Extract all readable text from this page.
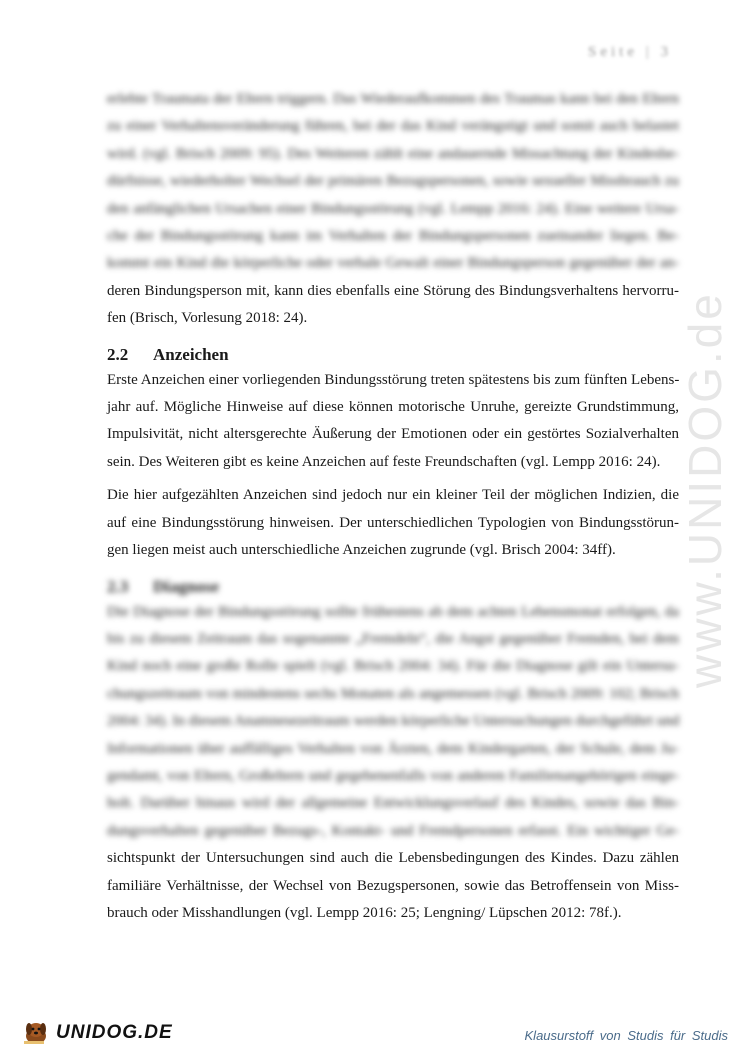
Seite | 3
www.UNIDOG.de
erlebte Traumata der Eltern triggern. Das Wiederaufkommen des Traumas kann bei den Eltern
zu einer Verhaltensveränderung führen, bei der das Kind verängstigt und somit auch belastet
wird. (vgl. Brisch 2009: 95). Des Weiteren zählt eine andauernde Missachtung der Kindesbe-
dürfnisse, wiederholter Wechsel der primären Bezugspersonen, sowie sexueller Missbrauch zu
den anfänglichen Ursachen einer Bindungsstörung (vgl. Lempp 2016: 24). Eine weitere Ursa-
che der Bindungsstörung kann im Verhalten der Bindungspersonen zueinander liegen. Be-
kommt ein Kind die körperliche oder verbale Gewalt einer Bindungsperson gegenüber der an-
deren Bindungsperson mit, kann dies ebenfalls eine Störung des Bindungsverhaltens hervorru-
fen (Brisch, Vorlesung 2018: 24).
2.2 Anzeichen
Erste Anzeichen einer vorliegenden Bindungsstörung treten spätestens bis zum fünften Lebens-
jahr auf. Mögliche Hinweise auf diese können motorische Unruhe, gereizte Grundstimmung,
Impulsivität, nicht altersgerechte Äußerung der Emotionen oder ein gestörtes Sozialverhalten
sein. Des Weiteren gibt es keine Anzeichen auf feste Freundschaften (vgl. Lempp 2016: 24).
Die hier aufgezählten Anzeichen sind jedoch nur ein kleiner Teil der möglichen Indizien, die
auf eine Bindungsstörung hinweisen. Der unterschiedlichen Typologien von Bindungsstörun-
gen liegen meist auch unterschiedliche Anzeichen zugrunde (vgl. Brisch 2004: 34ff).
2.3 Diagnose
Die Diagnose der Bindungsstörung sollte frühestens ab dem achten Lebensmonat erfolgen, da
bis zu diesem Zeitraum das sogenannte „Fremdeln“, die Angst gegenüber Fremden, bei dem
Kind noch eine große Rolle spielt (vgl. Brisch 2004: 34). Für die Diagnose gilt ein Untersu-
chungszeitraum von mindestens sechs Monaten als angemessen (vgl. Brisch 2009: 102; Brisch
2004: 34). In diesem Anamnesezeitraum werden körperliche Untersuchungen durchgeführt und
Informationen über auffälliges Verhalten von Ärzten, dem Kindergarten, der Schule, dem Ju-
gendamt, von Eltern, Großeltern und gegebenenfalls von anderen Familienangehörigen einge-
holt. Darüber hinaus wird der allgemeine Entwicklungsverlauf des Kindes, sowie das Bin-
dungsverhalten gegenüber Bezugs-, Kontakt- und Fremdpersonen erfasst. Ein wichtiger Ge-
sichtspunkt der Untersuchungen sind auch die Lebensbedingungen des Kindes. Dazu zählen
familiäre Verhältnisse, der Wechsel von Bezugspersonen, sowie das Betroffensein von Miss-
brauch oder Misshandlungen (vgl. Lempp 2016: 25; Lengning/ Lüpschen 2012: 78f.).
UNIDOG.DE	Klausurstoff von Studis für Studis
